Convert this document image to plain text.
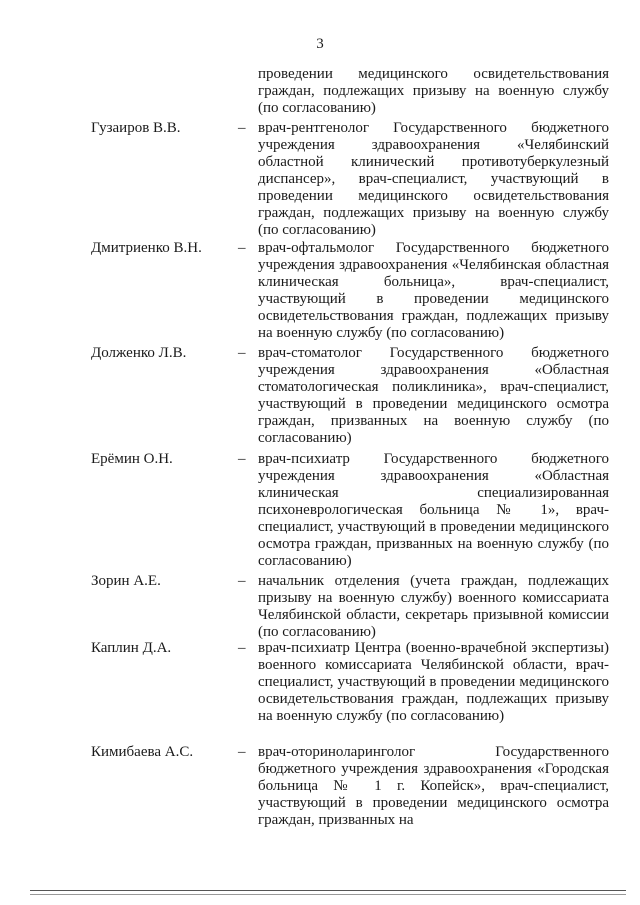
3
проведении медицинского освидетельствования граждан, подлежащих призыву на военную службу (по согласованию)
Гузаиров В.В.	– врач-рентгенолог Государственного бюджетного учреждения здравоохранения «Челябинский областной клинический противотуберкулезный диспансер», врач-специалист, участвующий в проведении медицинского освидетельствования граждан, подлежащих призыву на военную службу (по согласованию)
Дмитриенко В.Н. – врач-офтальмолог Государственного бюджетного учреждения здравоохранения «Челябинская областная клиническая больница», врач-специалист, участвующий в проведении медицинского освидетельствования граждан, подлежащих призыву на военную службу (по согласованию)
Долженко Л.В.	– врач-стоматолог Государственного бюджетного учреждения здравоохранения «Областная стоматологическая поликлиника», врач-специалист, участвующий в проведении медицинского осмотра граждан, призванных на военную службу (по согласованию)
Ерёмин О.Н.	– врач-психиатр Государственного бюджетного учреждения здравоохранения «Областная клиническая специализированная психоневрологическая больница № 1», врач-специалист, участвующий в проведении медицинского осмотра граждан, призванных на военную службу (по согласованию)
Зорин А.Е.	– начальник отделения (учета граждан, подлежащих призыву на военную службу) военного комиссариата Челябинской области, секретарь призывной комиссии (по согласованию)
Каплин Д.А.	– врач-психиатр Центра (военно-врачебной экспертизы) военного комиссариата Челябинской области, врач-специалист, участвующий в проведении медицинского освидетельствования граждан, подлежащих призыву на военную службу (по согласованию)
Кимибаева А.С.	– врач-оториноларинголог Государственного бюджетного учреждения здравоохранения «Городская больница № 1 г. Копейск», врач-специалист, участвующий в проведении медицинского осмотра граждан, призванных на
